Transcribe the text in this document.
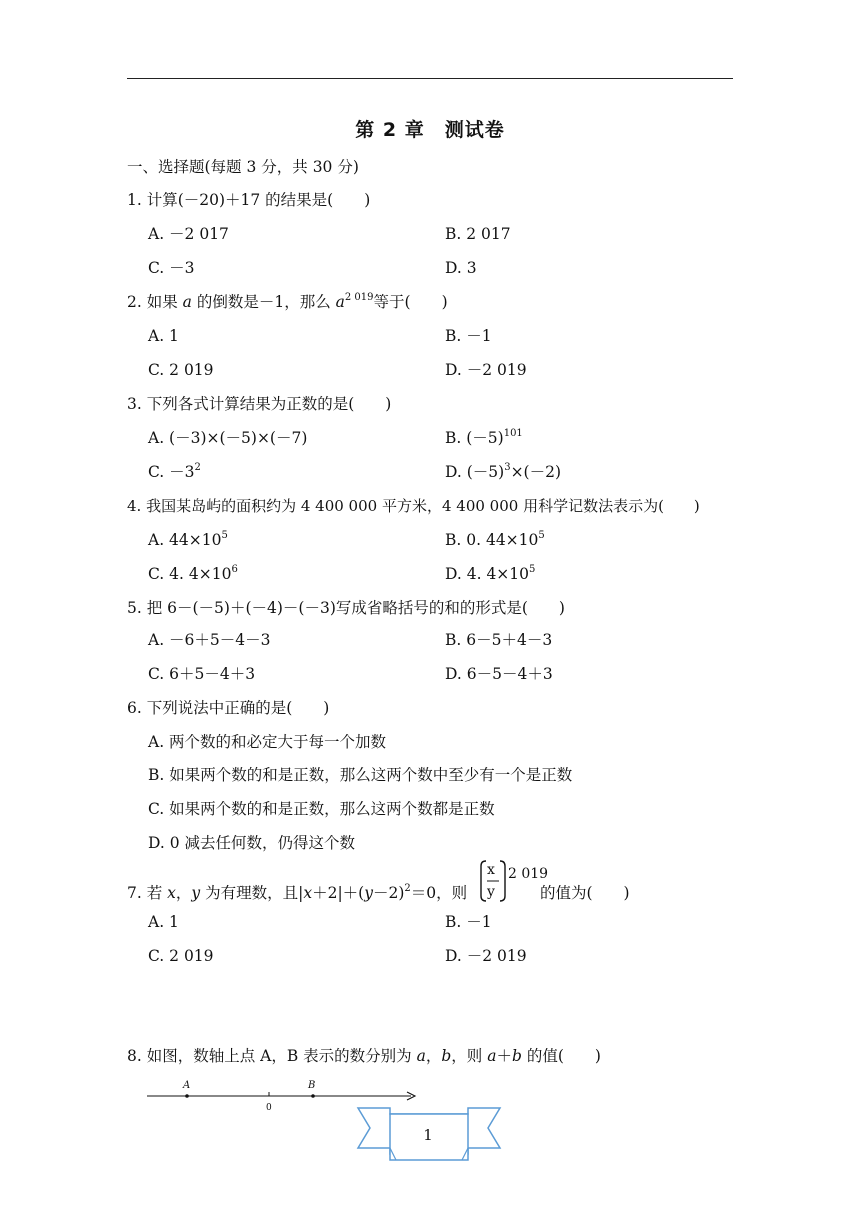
第 2 章　测试卷
一、选择题(每题 3 分，共 30 分)
1. 计算(－20)＋17 的结果是(　　)
A. －2 017	B. 2 017
C. －3	D. 3
2. 如果 a 的倒数是－1，那么 $a^{2 019}$等于(　　)
A. 1	B. －1
C. 2 019	D. －2 019
3. 下列各式计算结果为正数的是(　　)
A. (－3)×(－5)×(－7)	B. $(-5)^{101}$
C. $-3^2$	D. $(-5)^3\times(-2)$
4. 我国某岛屿的面积约为 4 400 000 平方米，4 400 000 用科学记数法表示为(　　)
A. $44\times 10^5$	B. 0. $44\times 10^5$
C. 4. $4\times 10^6$	D. 4. $4\times 10^5$
5. 把 6－(－5)＋(－4)－(－3)写成省略括号的和的形式是(　　)
A. －6＋5－4－3	B. 6－5＋4－3
C. 6＋5－4＋3	D. 6－5－4＋3
6. 下列说法中正确的是(　　)
A. 两个数的和必定大于每一个加数
B. 如果两个数的和是正数，那么这两个数中至少有一个是正数
C. 如果两个数的和是正数，那么这两个数都是正数
D. 0 减去任何数，仍得这个数
7. 若 x，y 为有理数，且$|x+2|+(y-2)^2=0$，则
x
y
2 019
的值为(　　)
A. 1	B. －1
C. 2 019	D. －2 019
8. 如图，数轴上点 A，B 表示的数分别为 a，b，则 a＋b 的值(　　)
A	B
0
1
